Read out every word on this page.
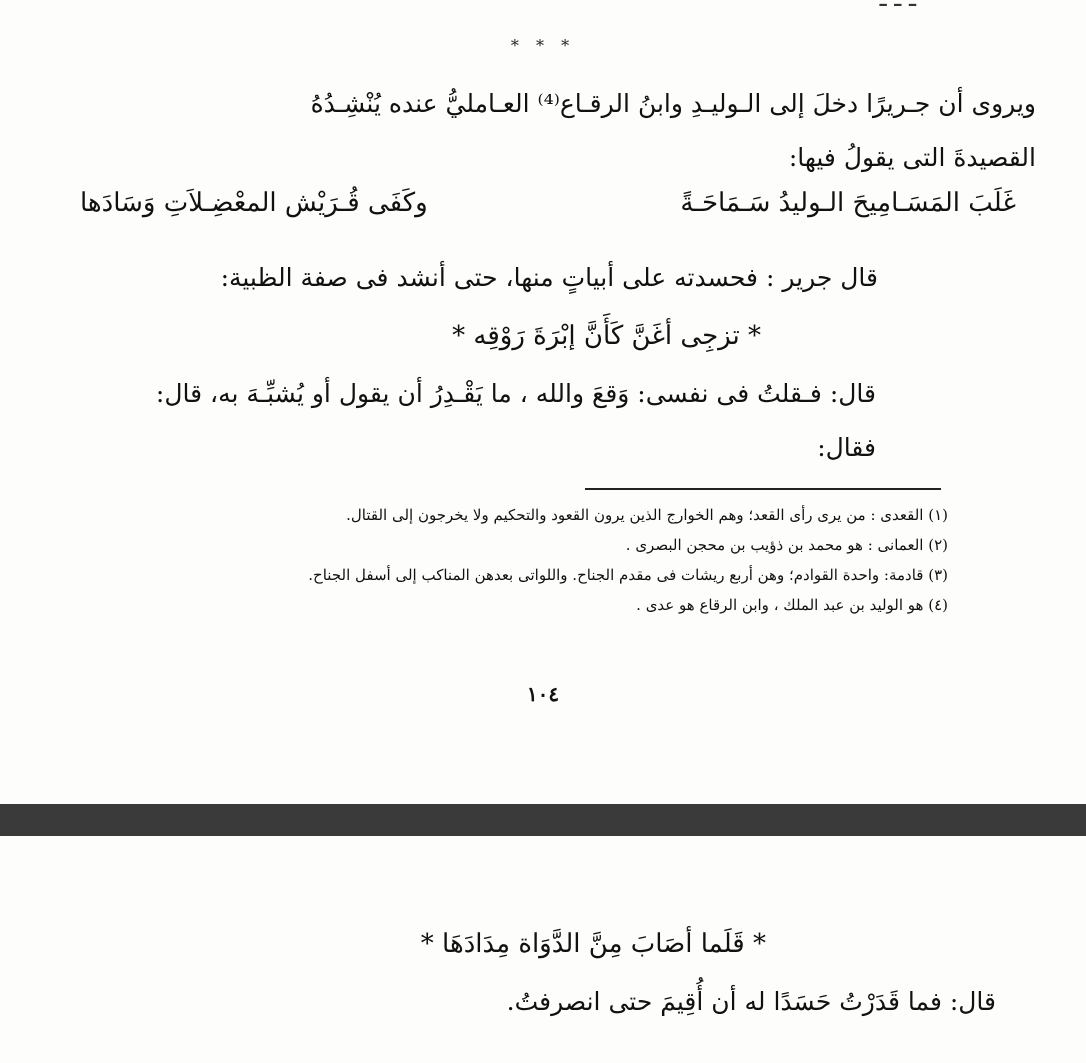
* * *
ويروى أن جـريرًا دخلَ إلى الـوليـدِ وابنُ الرقـاع⁽⁴⁾ العـامليُّ عنده يُنْشِـدُهُ
القصيدةَ التى يقولُ فيها:
غَلَبَ المَسَـامِيحَ الـوليدُ سَـمَاحَـةً
وكَفَى قُـرَيْش المعْضِـلاَتِ وَسَادَها
قال جرير : فحسدته على أبياتٍ منها، حتى أنشد فى صفة الظبية:
* تزجِى أغَنَّ كَأَنَّ إبْرَةَ رَوْقِه *
قال: فـقلتُ فى نفسى: وَقعَ والله ، ما يَقْـدِرُ أن يقول أو يُشبِّـهَ به، قال:
فقال:
(١) القعدى : من يرى رأى القعد؛ وهم الخوارج الذين يرون القعود والتحكيم ولا يخرجون إلى القتال.
(٢) العمانى : هو محمد بن ذؤيب بن محجن البصرى .
(٣) قادمة: واحدة القوادم؛ وهن أربع ريشات فى مقدم الجناح. واللواتى بعدهن المناكب إلى أسفل الجناح.
(٤) هو الوليد بن عبد الملك ، وابن الرقاع هو عدى .
١٠٤
* قَلَما أصَابَ مِنَّ الدَّوَاة مِدَادَهَا *
قال: فما قَدَرْتُ حَسَدًا له أن أُقِيمَ حتى انصرفتُ.
